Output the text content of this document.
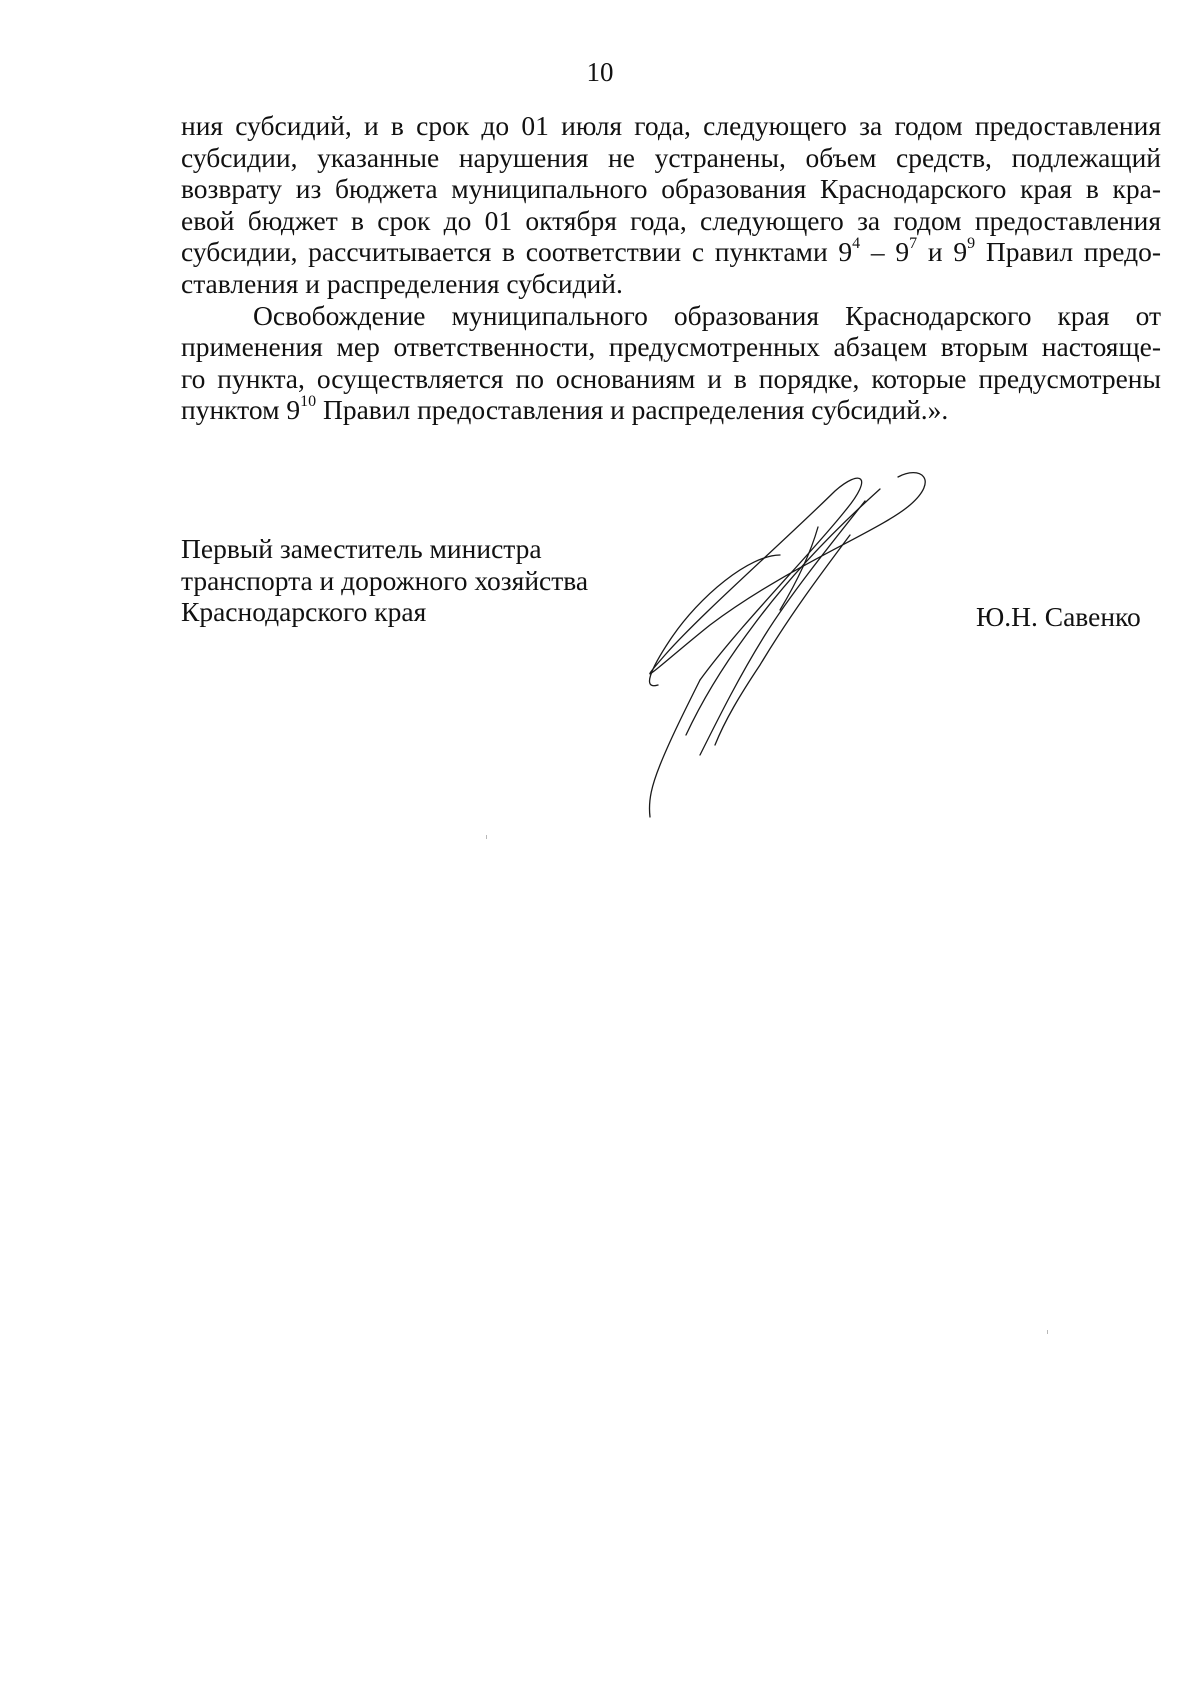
10
ния субсидий, и в срок до 01 июля года, следующего за годом предоставления
субсидии, указанные нарушения не устранены, объем средств, подлежащий
возврату из бюджета муниципального образования Краснодарского края в кра-
евой бюджет в срок до 01 октября года, следующего за годом предоставления
субсидии, рассчитывается в соответствии с пунктами $9^4 - 9^7$ и $9^9$ Правил предо-
ставления и распределения субсидий.
Освобождение муниципального образования Краснодарского края от
применения мер ответственности, предусмотренных абзацем вторым настояще-
го пункта, осуществляется по основаниям и в порядке, которые предусмотрены
пунктом $9^{10}$ Правил предоставления и распределения субсидий.».
Первый заместитель министра
транспорта и дорожного хозяйства
Краснодарского края	Ю.Н. Савенко
